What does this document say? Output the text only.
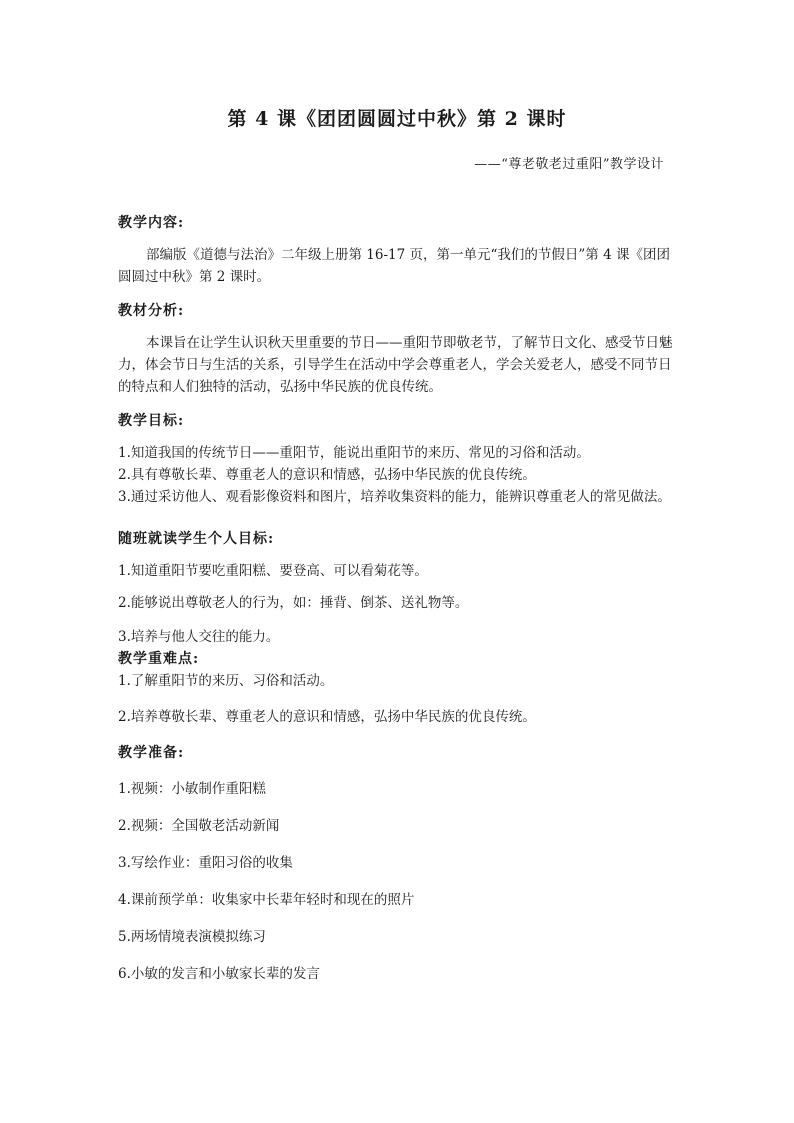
第 4 课《团团圆圆过中秋》第 2 课时
——“尊老敬老过重阳”教学设计
教学内容:

部编版《道德与法治》二年级上册第 16-17 页，第一单元“我们的节假日”第 4 课《团团圆圆过中秋》第 2 课时。

教材分析:

本课旨在让学生认识秋天里重要的节日——重阳节即敬老节，了解节日文化、感受节日魅力，体会节日与生活的关系，引导学生在活动中学会尊重老人，学会关爱老人，感受不同节日的特点和人们独特的活动，弘扬中华民族的优良传统。

教学目标:

1.知道我国的传统节日——重阳节，能说出重阳节的来历、常见的习俗和活动。

2.具有尊敬长辈、尊重老人的意识和情感，弘扬中华民族的优良传统。

3.通过采访他人、观看影像资料和图片，培养收集资料的能力，能辨识尊重老人的常见做法。

随班就读学生个人目标:

1.知道重阳节要吃重阳糕、要登高、可以看菊花等。

2.能够说出尊敬老人的行为，如：捶背、倒茶、送礼物等。

3.培养与他人交往的能力。

教学重难点:

1.了解重阳节的来历、习俗和活动。

2.培养尊敬长辈、尊重老人的意识和情感，弘扬中华民族的优良传统。

教学准备:

1.视频：小敏制作重阳糕

2.视频：全国敬老活动新闻

3.写绘作业：重阳习俗的收集

4.课前预学单：收集家中长辈年轻时和现在的照片

5.两场情境表演模拟练习

6.小敏的发言和小敏家长辈的发言
